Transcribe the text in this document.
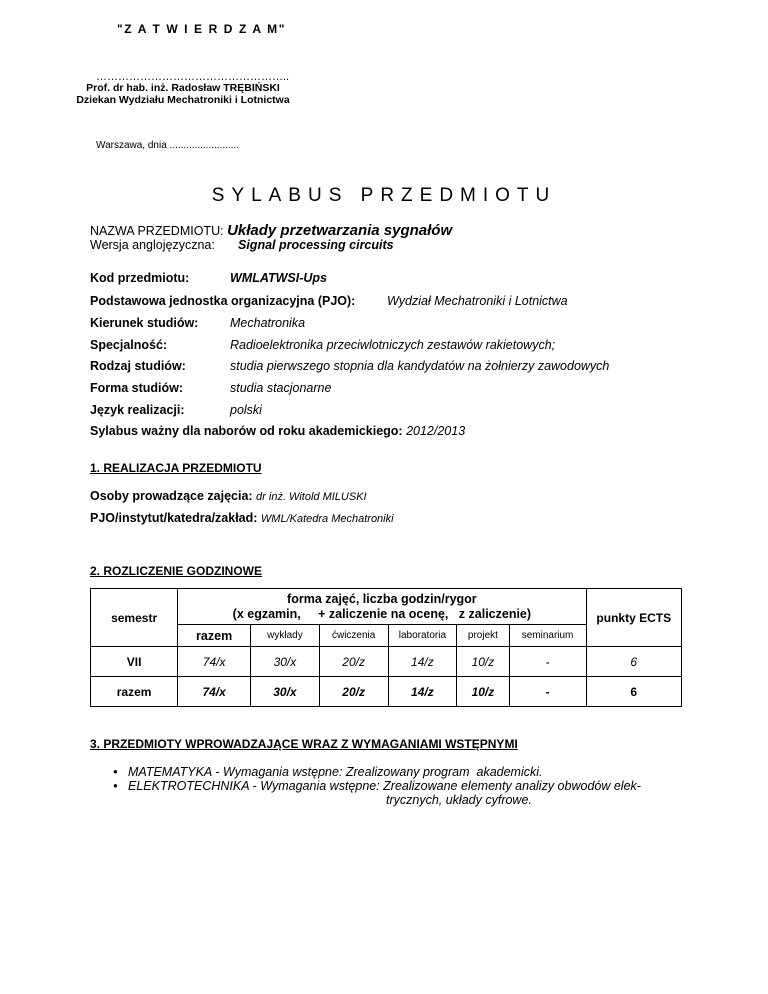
"Z A T W I E R D Z A M"
……………………………………………..
Prof. dr hab. inż. Radosław TRĘBIŃSKI
Dziekan Wydziału Mechatroniki i Lotnictwa
Warszawa, dnia .........................
SYLABUS PRZEDMIOTU
NAZWA PRZEDMIOTU: Układy przetwarzania sygnałów
Wersja anglojęzyczna: Signal processing circuits
Kod przedmiotu:	WMLATWSI-Ups
Podstawowa jednostka organizacyjna (PJO):	Wydział Mechatroniki i Lotnictwa
Kierunek studiów:	Mechatronika
Specjalność:	Radioelektronika przeciwlotniczych zestawów rakietowych;
Rodzaj studiów:	studia pierwszego stopnia dla kandydatów na żołnierzy zawodowych
Forma studiów:	studia stacjonarne
Język realizacji:	polski
Sylabus ważny dla naborów od roku akademickiego: 2012/2013
1. REALIZACJA PRZEDMIOTU
Osoby prowadzące zajęcia: dr inż. Witold MILUSKI
PJO/instytut/katedra/zakład: WML/Katedra Mechatroniki
2. ROZLICZENIE GODZINOWE
semestr	forma zajęć, liczba godzin/rygor
(x egzamin,     + zaliczenie na ocenę,   z zaliczenie)						punkty ECTS
	razem	wykłady	ćwiczenia	laboratoria	projekt	seminarium	
VII	74/x	30/x	20/z	14/z	10/z	-	6
razem	74/x	30/x	20/z	14/z	10/z	-	6
3. PRZEDMIOTY WPROWADZAJĄCE WRAZ Z WYMAGANIAMI WSTĘPNYMI
● MATEMATYKA - Wymagania wstępne: Zrealizowany program  akademicki.
● ELEKTROTECHNIKA - Wymagania wstępne: Zrealizowane elementy analizy obwodów elek-
trycznych, układy cyfrowe.
